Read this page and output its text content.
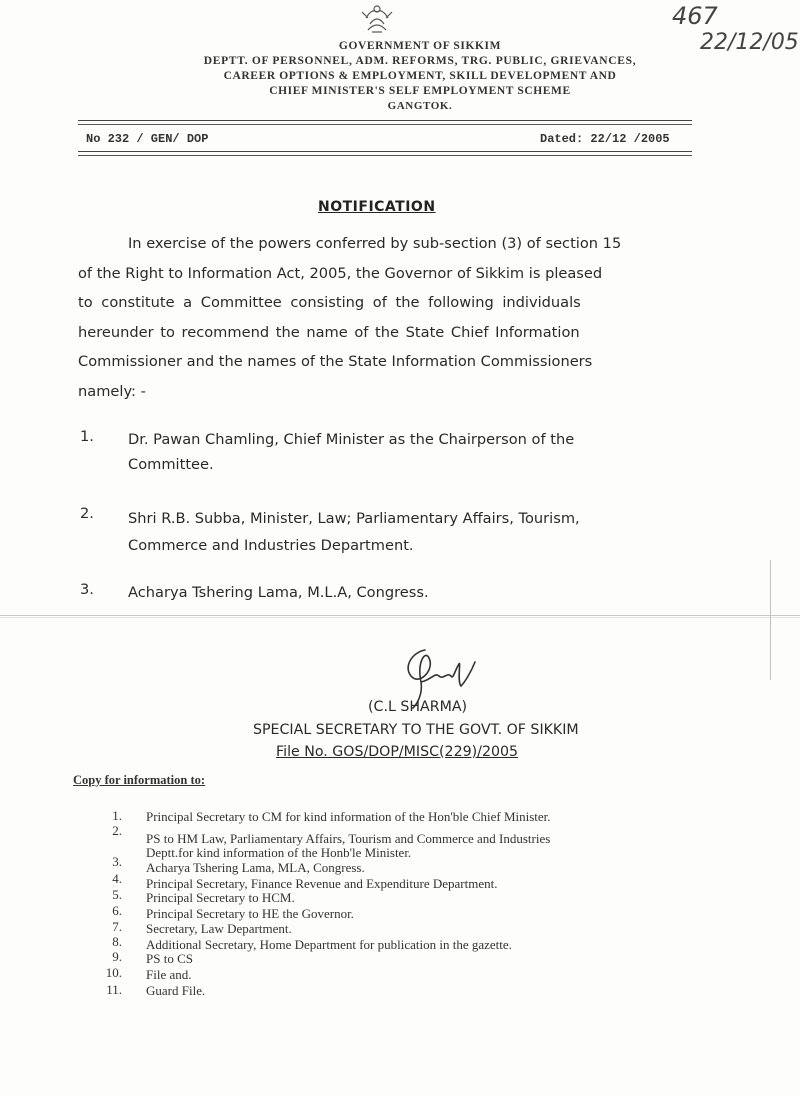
GOVERNMENT OF SIKKIM
DEPTT. OF PERSONNEL, ADM. REFORMS, TRG. PUBLIC, GRIEVANCES,
CAREER OPTIONS & EMPLOYMENT, SKILL DEVELOPMENT AND
CHIEF MINISTER'S SELF EMPLOYMENT SCHEME
GANGTOK.
467
22/12/05
No 232 / GEN/ DOP	Dated: 22/12 /2005
NOTIFICATION
In exercise of the powers conferred by sub-section (3) of section 15
of the Right to Information Act, 2005, the Governor of Sikkim is pleased
to constitute a Committee consisting of the following individuals
hereunder to recommend the name of the State Chief Information
Commissioner and the names of the State Information Commissioners
namely: -
1. Dr. Pawan Chamling, Chief Minister as the Chairperson of the
Committee.
2. Shri R.B. Subba, Minister, Law; Parliamentary Affairs, Tourism,
Commerce and Industries Department.
3. Acharya Tshering Lama, M.L.A, Congress.
(C.L SHARMA)
SPECIAL SECRETARY TO THE GOVT. OF SIKKIM
File No. GOS/DOP/MISC(229)/2005
Copy for information to:
1. Principal Secretary to CM for kind information of the Hon'ble Chief Minister.
2.
PS to HM Law, Parliamentary Affairs, Tourism and Commerce and Industries
Deptt.for kind information of the Honb'le Minister.
3. Acharya Tshering Lama, MLA, Congress.
4. Principal Secretary, Finance Revenue and Expenditure Department.
5. Principal Secretary to HCM.
6. Principal Secretary to HE the Governor.
7. Secretary, Law Department.
8. Additional Secretary, Home Department for publication in the gazette.
9. PS to CS
10. File and.
11. Guard File.
